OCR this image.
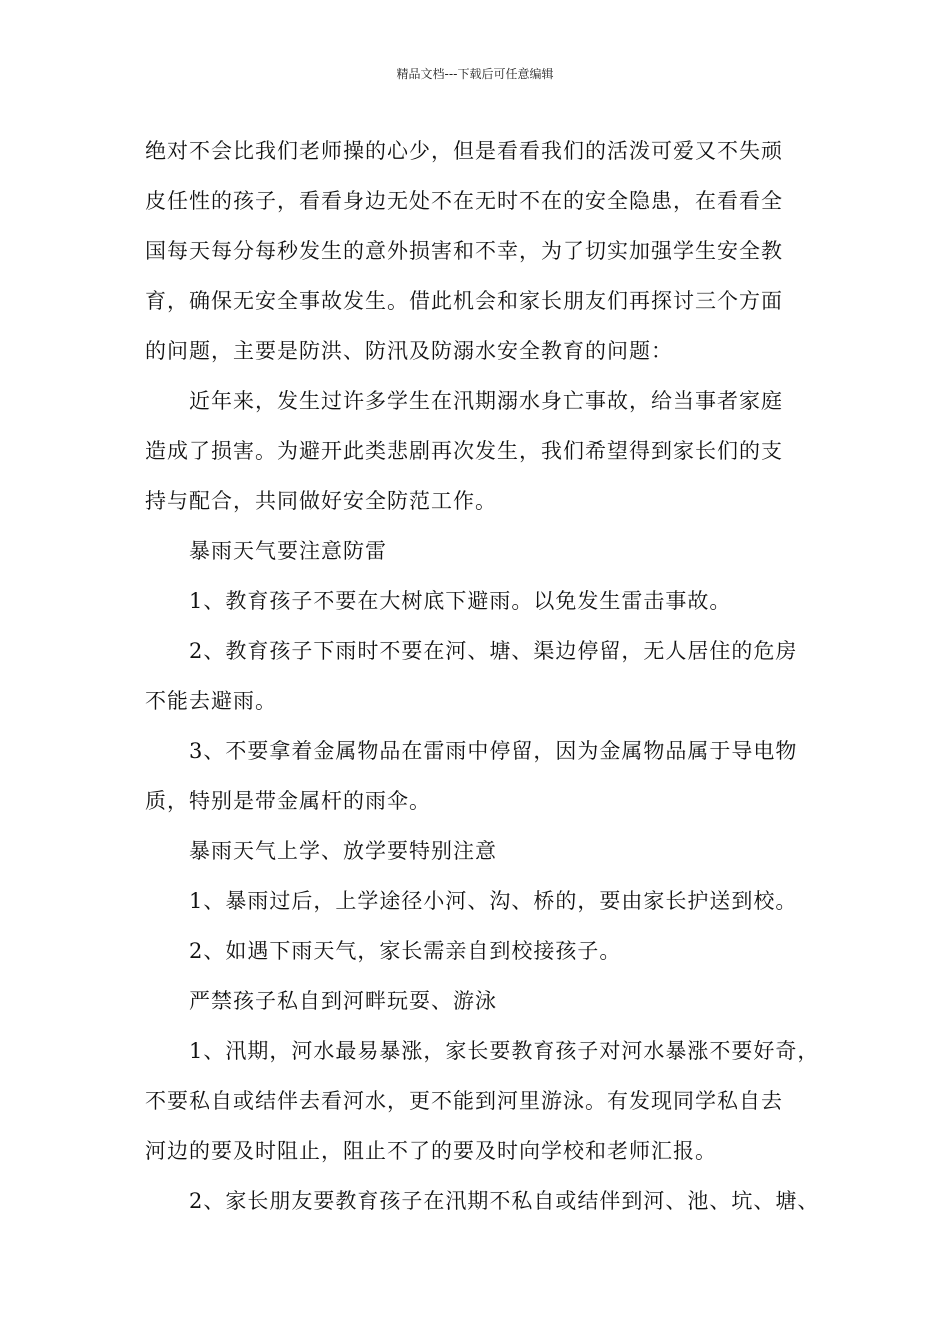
精品文档---下载后可任意编辑

绝对不会比我们老师操的心少，但是看看我们的活泼可爱又不失顽
皮任性的孩子，看看身边无处不在无时不在的安全隐患，在看看全
国每天每分每秒发生的意外损害和不幸，为了切实加强学生安全教
育，确保无安全事故发生。借此机会和家长朋友们再探讨三个方面
的问题，主要是防洪、防汛及防溺水安全教育的问题：

近年来，发生过许多学生在汛期溺水身亡事故，给当事者家庭
造成了损害。为避开此类悲剧再次发生，我们希望得到家长们的支
持与配合，共同做好安全防范工作。

暴雨天气要注意防雷

1、教育孩子不要在大树底下避雨。以免发生雷击事故。

2、教育孩子下雨时不要在河、塘、渠边停留，无人居住的危房
不能去避雨。

3、不要拿着金属物品在雷雨中停留，因为金属物品属于导电物
质，特别是带金属杆的雨伞。

暴雨天气上学、放学要特别注意

1、暴雨过后，上学途径小河、沟、桥的，要由家长护送到校。

2、如遇下雨天气，家长需亲自到校接孩子。

严禁孩子私自到河畔玩耍、游泳

1、汛期，河水最易暴涨，家长要教育孩子对河水暴涨不要好奇，
不要私自或结伴去看河水，更不能到河里游泳。有发现同学私自去
河边的要及时阻止，阻止不了的要及时向学校和老师汇报。

2、家长朋友要教育孩子在汛期不私自或结伴到河、池、坑、塘、
